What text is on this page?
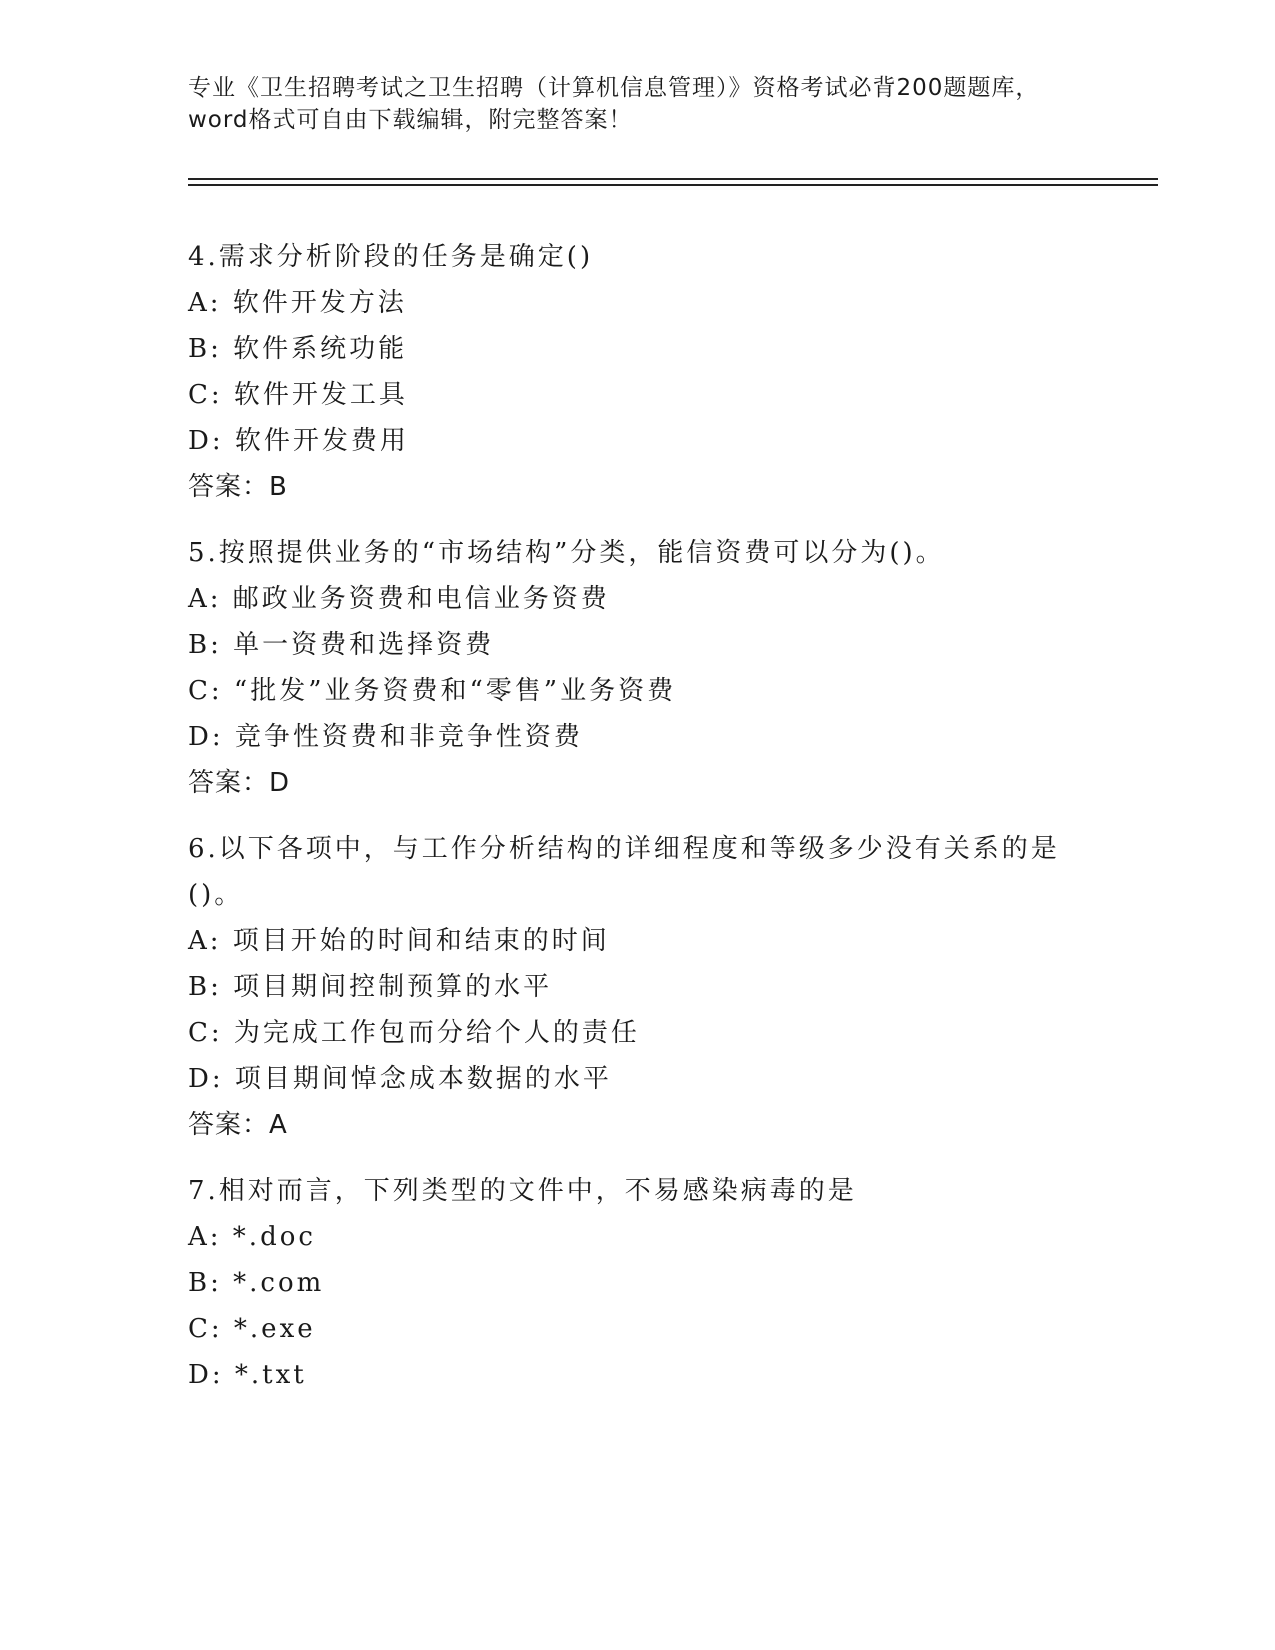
专业《卫生招聘考试之卫生招聘（计算机信息管理）》资格考试必背200题题库，
word格式可自由下载编辑，附完整答案！
4.需求分析阶段的任务是确定()
A: 软件开发方法
B: 软件系统功能
C: 软件开发工具
D: 软件开发费用
答案：B
5.按照提供业务的“市场结构”分类，能信资费可以分为()。
A: 邮政业务资费和电信业务资费
B: 单一资费和选择资费
C: “批发”业务资费和“零售”业务资费
D: 竞争性资费和非竞争性资费
答案：D
6.以下各项中，与工作分析结构的详细程度和等级多少没有关系的是()。
A: 项目开始的时间和结束的时间
B: 项目期间控制预算的水平
C: 为完成工作包而分给个人的责任
D: 项目期间悼念成本数据的水平
答案：A
7.相对而言，下列类型的文件中，不易感染病毒的是
A: *.doc
B: *.com
C: *.exe
D: *.txt
